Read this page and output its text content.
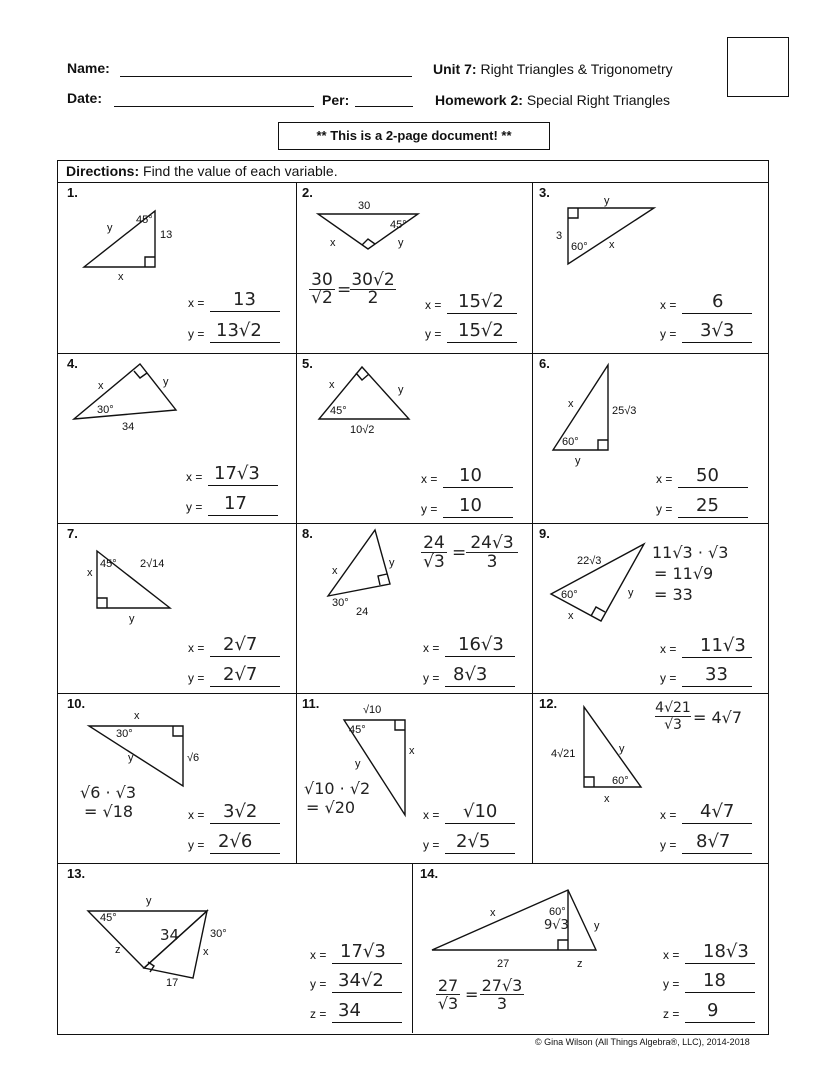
Name:
Date:	Per:
Unit 7: Right Triangles & Trigonometry
Homework 2: Special Right Triangles
** This is a 2-page document! **
Directions: Find the value of each variable.
1.	2.	3.
4.	5.	6.
7.	8.	9.
10.	11.	12.
13.	14.
y
45°
13
x
30
45°
x	y
y
3
60° x
x	y
30°
34
x	y
45°
10√2
x
25√3
60°
y
x
45° 2√14
y
x
y
30°
24
22√3
60°	y
x
x
30°
y	√6
√10
45°
y
x	4√21	y
60°
x
y
45°
30°
z	x
17
34
x	60°
y
27	z
9√3
30
√2 = 30√2
2
24
√3 = 24√3
3	11√3 · √3
= 11√9
= 33
√6 · √3
= √18
√10 · √2
= √20
4√21
√3 = 4√7
27
√3 = 27√3
3
x = 13
y = 13√2
x = 15√2
y = 15√2
x = 6
y = 3√3
x = 17√3
y = 17
x = 10
y = 10
x = 50
y = 25
x = 2√7
y = 2√7
x = 16√3
y = 8√3
x = 11√3
y = 33
x = 3√2
y = 2√6
x = √10
y = 2√5
x = 4√7
y = 8√7
x = 17√3
y = 34√2
z = 34
x = 18√3
y = 18
z = 9
© Gina Wilson (All Things Algebra®, LLC), 2014-2018
